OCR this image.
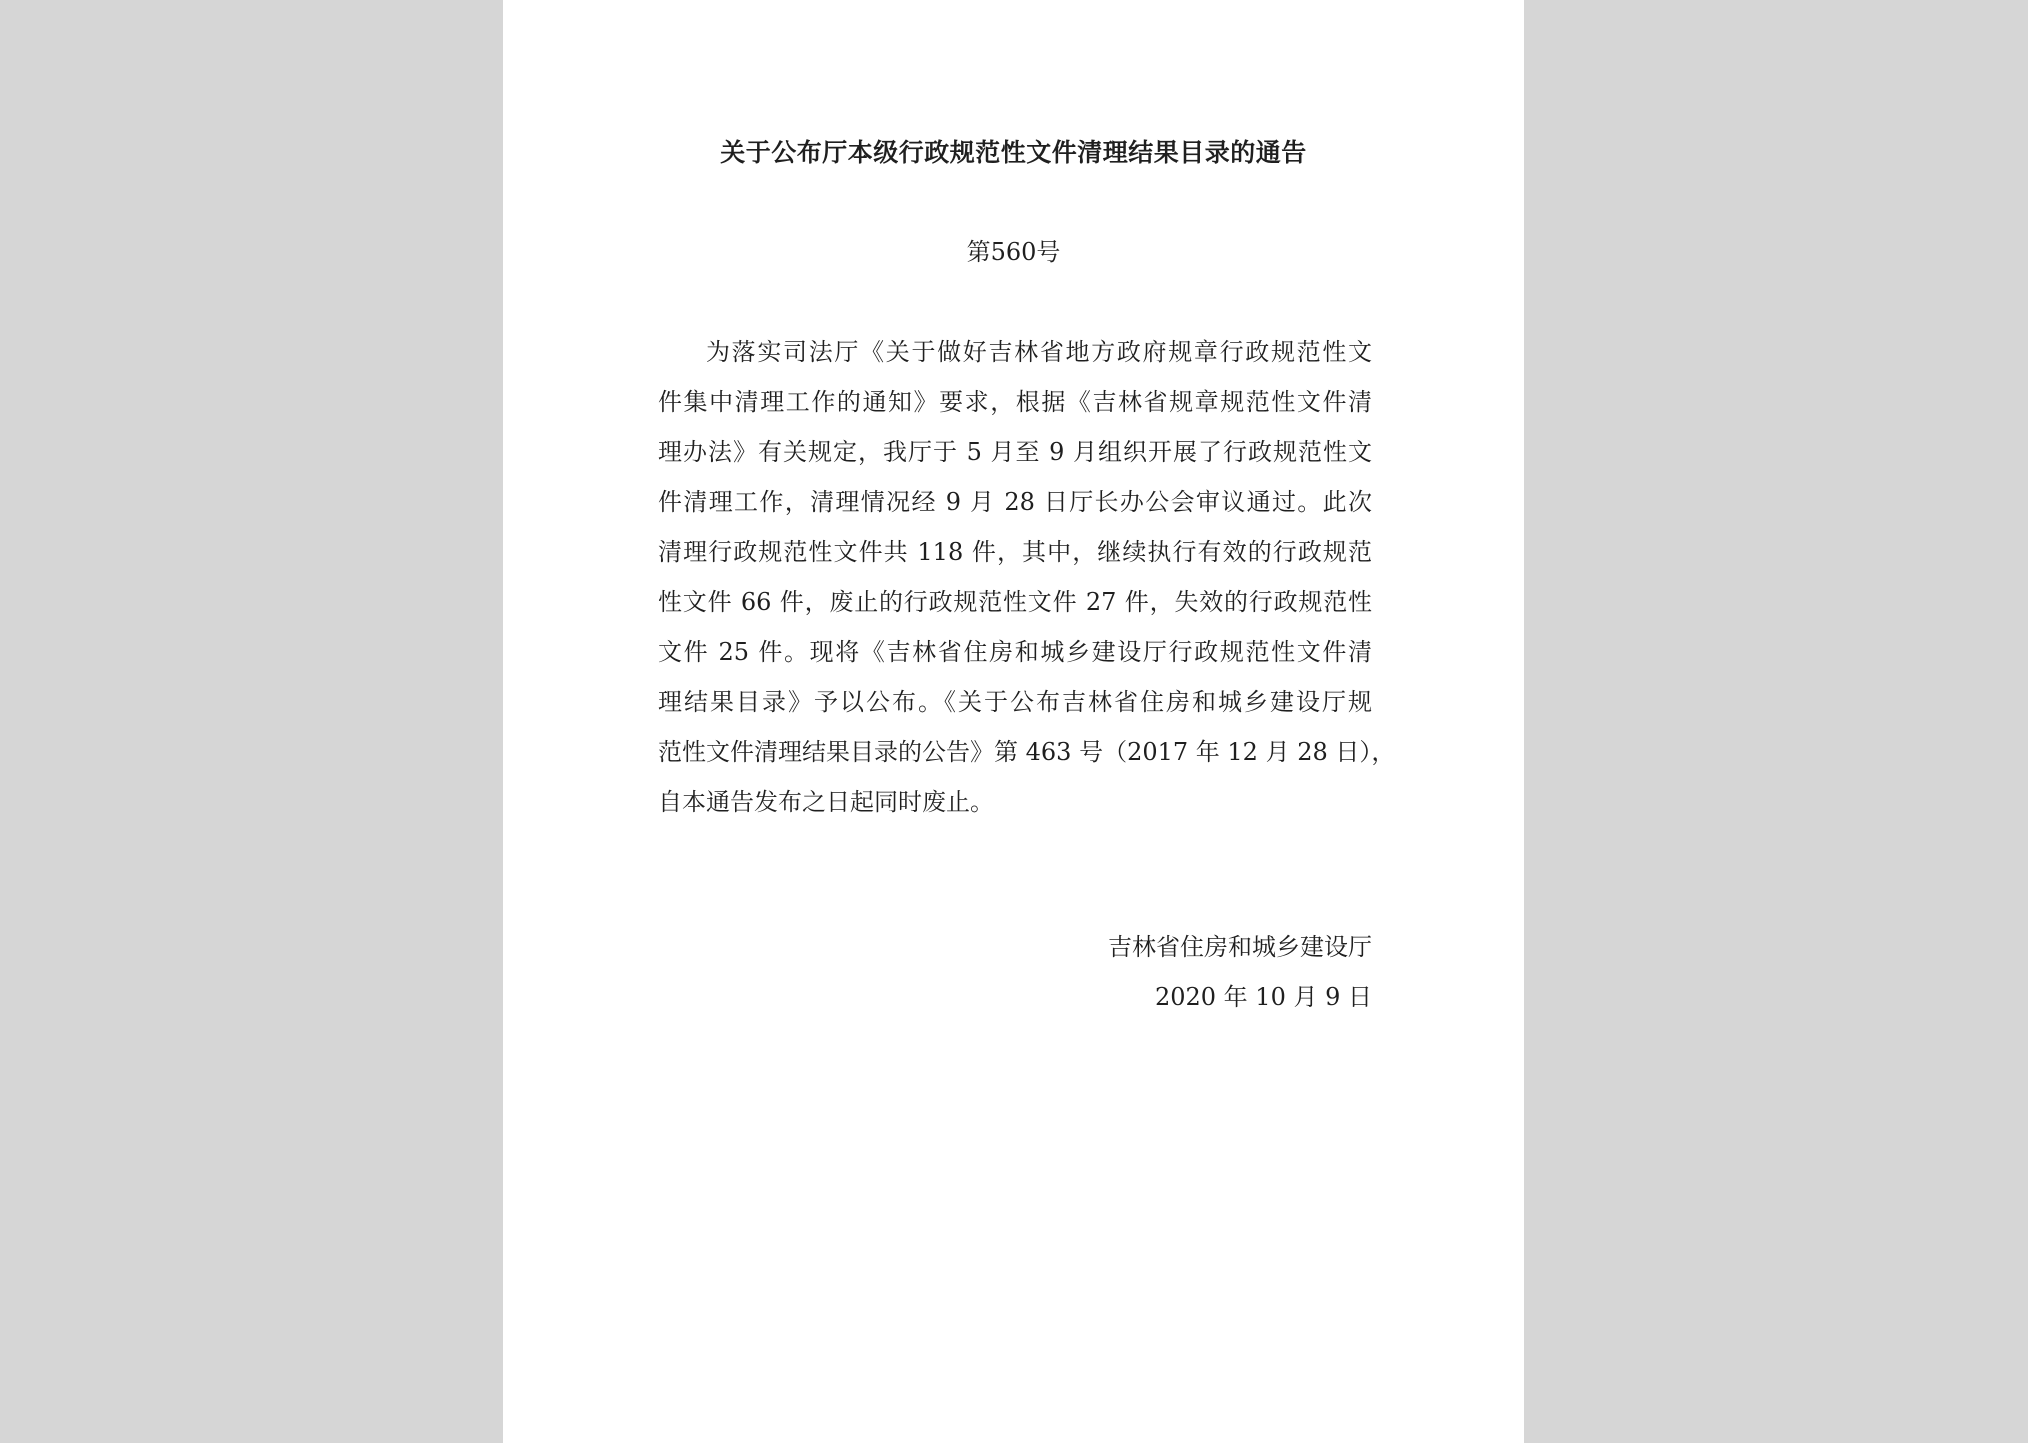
关于公布厅本级行政规范性文件清理结果目录的通告
第560号
为落实司法厅《关于做好吉林省地方政府规章行政规范性文
件集中清理工作的通知》要求，根据《吉林省规章规范性文件清
理办法》有关规定，我厅于 5 月至 9 月组织开展了行政规范性文
件清理工作，清理情况经 9 月 28 日厅长办公会审议通过。此次
清理行政规范性文件共 118 件，其中，继续执行有效的行政规范
性文件 66 件，废止的行政规范性文件 27 件，失效的行政规范性
文件 25 件。现将《吉林省住房和城乡建设厅行政规范性文件清
理结果目录》予以公布。《关于公布吉林省住房和城乡建设厅规
范性文件清理结果目录的公告》第 463 号（2017 年 12 月 28 日），
自本通告发布之日起同时废止。
吉林省住房和城乡建设厅
2020 年 10 月 9 日
